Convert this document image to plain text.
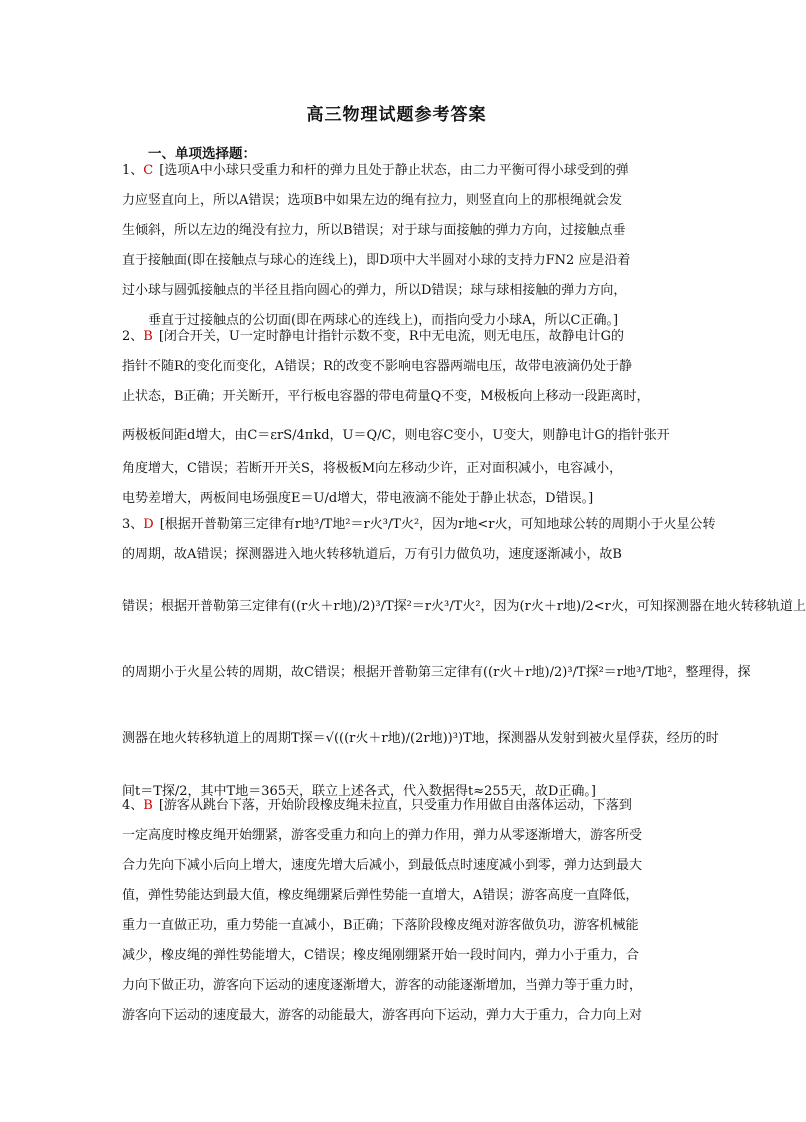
高三物理试题参考答案
一、单项选择题：
1、C [选项A中小球只受重力和杆的弹力且处于静止状态，由二力平衡可得小球受到的弹
力应竖直向上，所以A错误；选项B中如果左边的绳有拉力，则竖直向上的那根绳就会发
生倾斜，所以左边的绳没有拉力，所以B错误；对于球与面接触的弹力方向，过接触点垂
直于接触面(即在接触点与球心的连线上)，即D项中大半圆对小球的支持力FN2 应是沿着
过小球与圆弧接触点的半径且指向圆心的弹力，所以D错误；球与球相接触的弹力方向，
垂直于过接触点的公切面(即在两球心的连线上)，而指向受力小球A，所以C正确。]
2、B [闭合开关，U一定时静电计指针示数不变，R中无电流，则无电压，故静电计G的
指针不随R的变化而变化，A错误；R的改变不影响电容器两端电压，故带电液滴仍处于静
止状态，B正确；开关断开，平行板电容器的带电荷量Q不变，M极板向上移动一段距离时，
两极板间距d增大，由C＝εrS/4πkd，U＝Q/C，则电容C变小，U变大，则静电计G的指针张开
角度增大，C错误；若断开开关S，将极板M向左移动少许，正对面积减小，电容减小，
电势差增大，两板间电场强度E＝U/d增大，带电液滴不能处于静止状态，D错误。]
3、D [根据开普勒第三定律有r地³/T地²＝r火³/T火²，因为r地<r火，可知地球公转的周期小于火星公转
的周期，故A错误；探测器进入地火转移轨道后，万有引力做负功，速度逐渐减小，故B
错误；根据开普勒第三定律有((r火＋r地)/2)³/T探²＝r火³/T火²，因为(r火＋r地)/2<r火，可知探测器在地火转移轨道上
的周期小于火星公转的周期，故C错误；根据开普勒第三定律有((r火＋r地)/2)³/T探²＝r地³/T地²，整理得，探
测器在地火转移轨道上的周期T探＝√(((r火＋r地)/(2r地))³)T地，探测器从发射到被火星俘获，经历的时
间t＝T探/2，其中T地＝365天，联立上述各式，代入数据得t≈255天，故D正确。]
4、B [游客从跳台下落，开始阶段橡皮绳未拉直，只受重力作用做自由落体运动，下落到
一定高度时橡皮绳开始绷紧，游客受重力和向上的弹力作用，弹力从零逐渐增大，游客所受
合力先向下减小后向上增大，速度先增大后减小，到最低点时速度减小到零，弹力达到最大
值，弹性势能达到最大值，橡皮绳绷紧后弹性势能一直增大，A错误；游客高度一直降低，
重力一直做正功，重力势能一直减小，B正确；下落阶段橡皮绳对游客做负功，游客机械能
减少，橡皮绳的弹性势能增大，C错误；橡皮绳刚绷紧开始一段时间内，弹力小于重力，合
力向下做正功，游客向下运动的速度逐渐增大，游客的动能逐渐增加，当弹力等于重力时，
游客向下运动的速度最大，游客的动能最大，游客再向下运动，弹力大于重力，合力向上对
